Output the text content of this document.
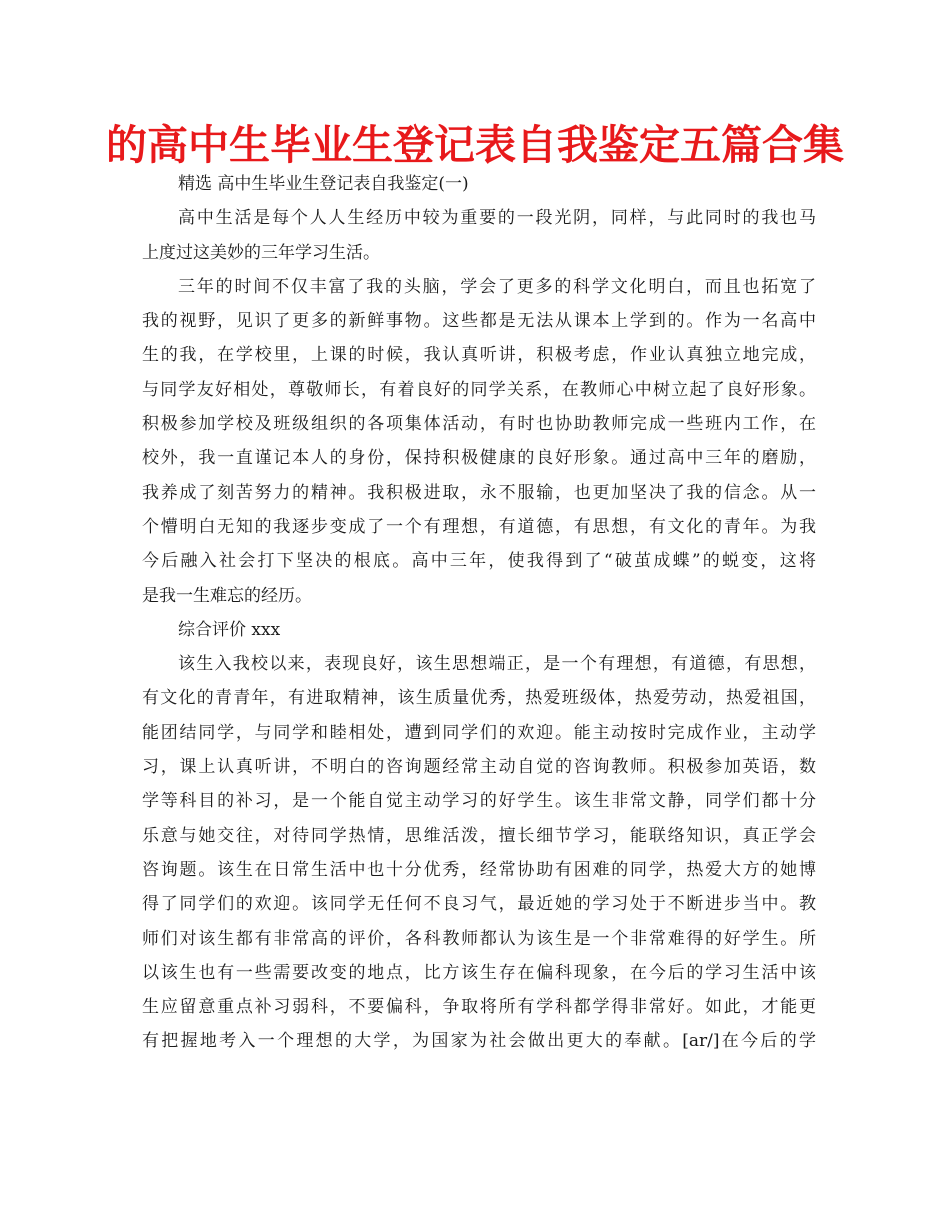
的高中生毕业生登记表自我鉴定五篇合集
精选 高中生毕业生登记表自我鉴定(一)
高中生活是每个人人生经历中较为重要的一段光阴，同样，与此同时的我也马
上度过这美妙的三年学习生活。
三年的时间不仅丰富了我的头脑，学会了更多的科学文化明白，而且也拓宽了
我的视野，见识了更多的新鲜事物。这些都是无法从课本上学到的。作为一名高中
生的我，在学校里，上课的时候，我认真听讲，积极考虑，作业认真独立地完成，
与同学友好相处，尊敬师长，有着良好的同学关系，在教师心中树立起了良好形象。
积极参加学校及班级组织的各项集体活动，有时也协助教师完成一些班内工作，在
校外，我一直谨记本人的身份，保持积极健康的良好形象。通过高中三年的磨励，
我养成了刻苦努力的精神。我积极进取，永不服输，也更加坚决了我的信念。从一
个懵明白无知的我逐步变成了一个有理想，有道德，有思想，有文化的青年。为我
今后融入社会打下坚决的根底。高中三年，使我得到了“破茧成蝶”的蜕变，这将
是我一生难忘的经历。
综合评价 xxx
该生入我校以来，表现良好，该生思想端正，是一个有理想，有道德，有思想，
有文化的青青年，有进取精神，该生质量优秀，热爱班级体，热爱劳动，热爱祖国，
能团结同学，与同学和睦相处，遭到同学们的欢迎。能主动按时完成作业，主动学
习，课上认真听讲，不明白的咨询题经常主动自觉的咨询教师。积极参加英语，数
学等科目的补习，是一个能自觉主动学习的好学生。该生非常文静，同学们都十分
乐意与她交往，对待同学热情，思维活泼，擅长细节学习，能联络知识，真正学会
咨询题。该生在日常生活中也十分优秀，经常协助有困难的同学，热爱大方的她博
得了同学们的欢迎。该同学无任何不良习气，最近她的学习处于不断进步当中。教
师们对该生都有非常高的评价，各科教师都认为该生是一个非常难得的好学生。所
以该生也有一些需要改变的地点，比方该生存在偏科现象，在今后的学习生活中该
生应留意重点补习弱科，不要偏科，争取将所有学科都学得非常好。如此，才能更
有把握地考入一个理想的大学，为国家为社会做出更大的奉献。[ar/]在今后的学
